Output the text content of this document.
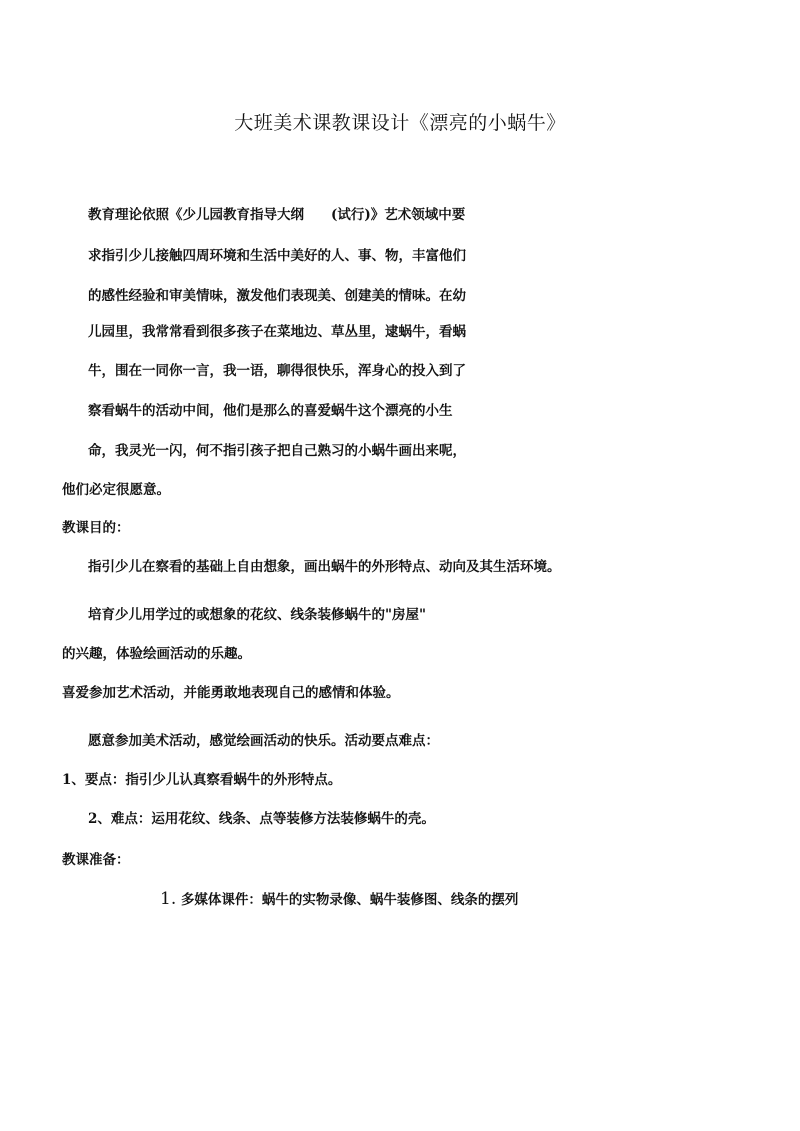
大班美术课教课设计《漂亮的小蜗牛》
教育理论依照《少儿园教育指导大纲　　(试行)》艺术领域中要
求指引少儿接触四周环境和生活中美好的人、事、物，丰富他们
的感性经验和审美情味，激发他们表现美、创建美的情味。在幼
儿园里，我常常看到很多孩子在菜地边、草丛里，逮蜗牛，看蜗
牛，围在一同你一言，我一语，聊得很快乐，浑身心的投入到了
察看蜗牛的活动中间，他们是那么的喜爱蜗牛这个漂亮的小生
命，我灵光一闪，何不指引孩子把自己熟习的小蜗牛画出来呢，
他们必定很愿意。
教课目的：
指引少儿在察看的基础上自由想象，画出蜗牛的外形特点、动向及其生活环境。
培育少儿用学过的或想象的花纹、线条装修蜗牛的"房屋"
的兴趣，体验绘画活动的乐趣。
喜爱参加艺术活动，并能勇敢地表现自己的感情和体验。
愿意参加美术活动，感觉绘画活动的快乐。活动要点难点：
1、要点：指引少儿认真察看蜗牛的外形特点。
2、难点：运用花纹、线条、点等装修方法装修蜗牛的壳。
教课准备：
1. 多媒体课件：蜗牛的实物录像、蜗牛装修图、线条的摆列
